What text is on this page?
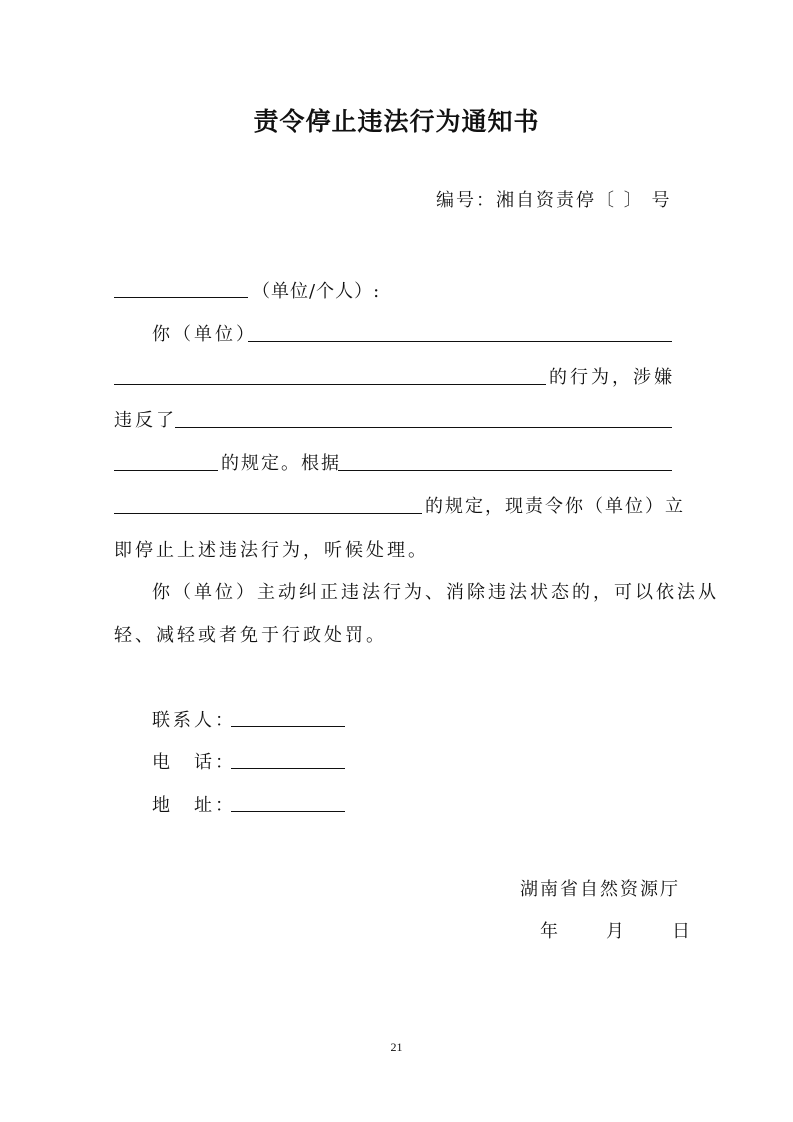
责令停止违法行为通知书
编号：湘自资责停〔 〕 号
（单位/个人）:
你（单位）
的行为，涉嫌
违反了
的规定。根据
的规定，现责令你（单位）立
即停止上述违法行为，听候处理。
你（单位）主动纠正违法行为、消除违法状态的，可以依法从
轻、减轻或者免于行政处罚。
联系人：
电　话：
地　址：
湖南省自然资源厅
年　　月　　日
21
